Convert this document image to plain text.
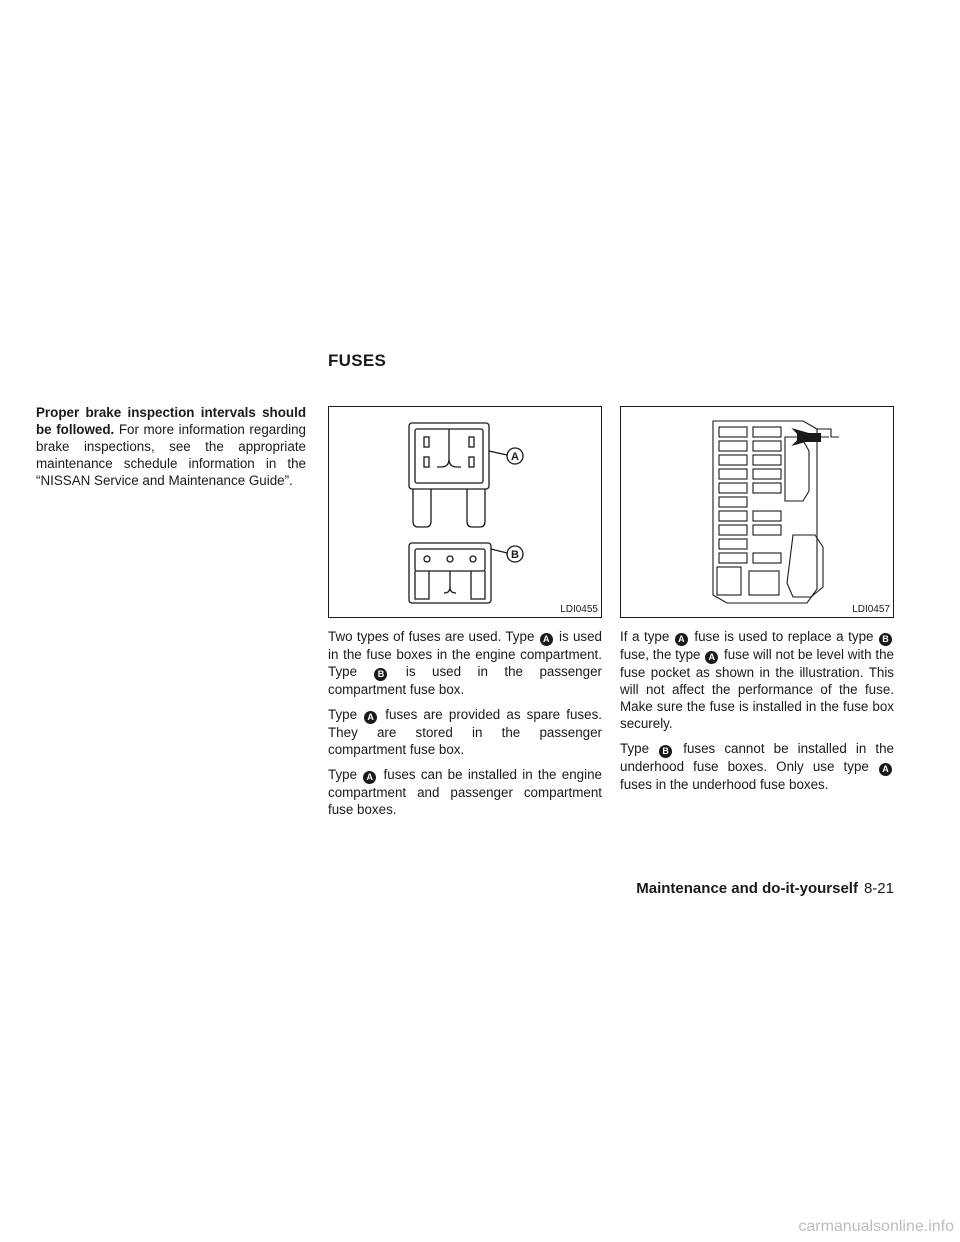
FUSES

Proper brake inspection intervals should be followed. For more information regarding brake inspections, see the appropriate maintenance schedule information in the “NISSAN Service and Maintenance Guide”.

A
B
LDI0455	LDI0457

Two types of fuses are used. Type A is used in the fuse boxes in the engine compartment. Type B is used in the passenger compartment fuse box.

Type A fuses are provided as spare fuses. They are stored in the passenger compartment fuse box.

Type A fuses can be installed in the engine compartment and passenger compartment fuse boxes.

If a type A fuse is used to replace a type B fuse, the type A fuse will not be level with the fuse pocket as shown in the illustration. This will not affect the performance of the fuse. Make sure the fuse is installed in the fuse box securely.

Type B fuses cannot be installed in the underhood fuse boxes. Only use type A fuses in the underhood fuse boxes.

Maintenance and do-it-yourself 8-21
carmanualsonline.info
